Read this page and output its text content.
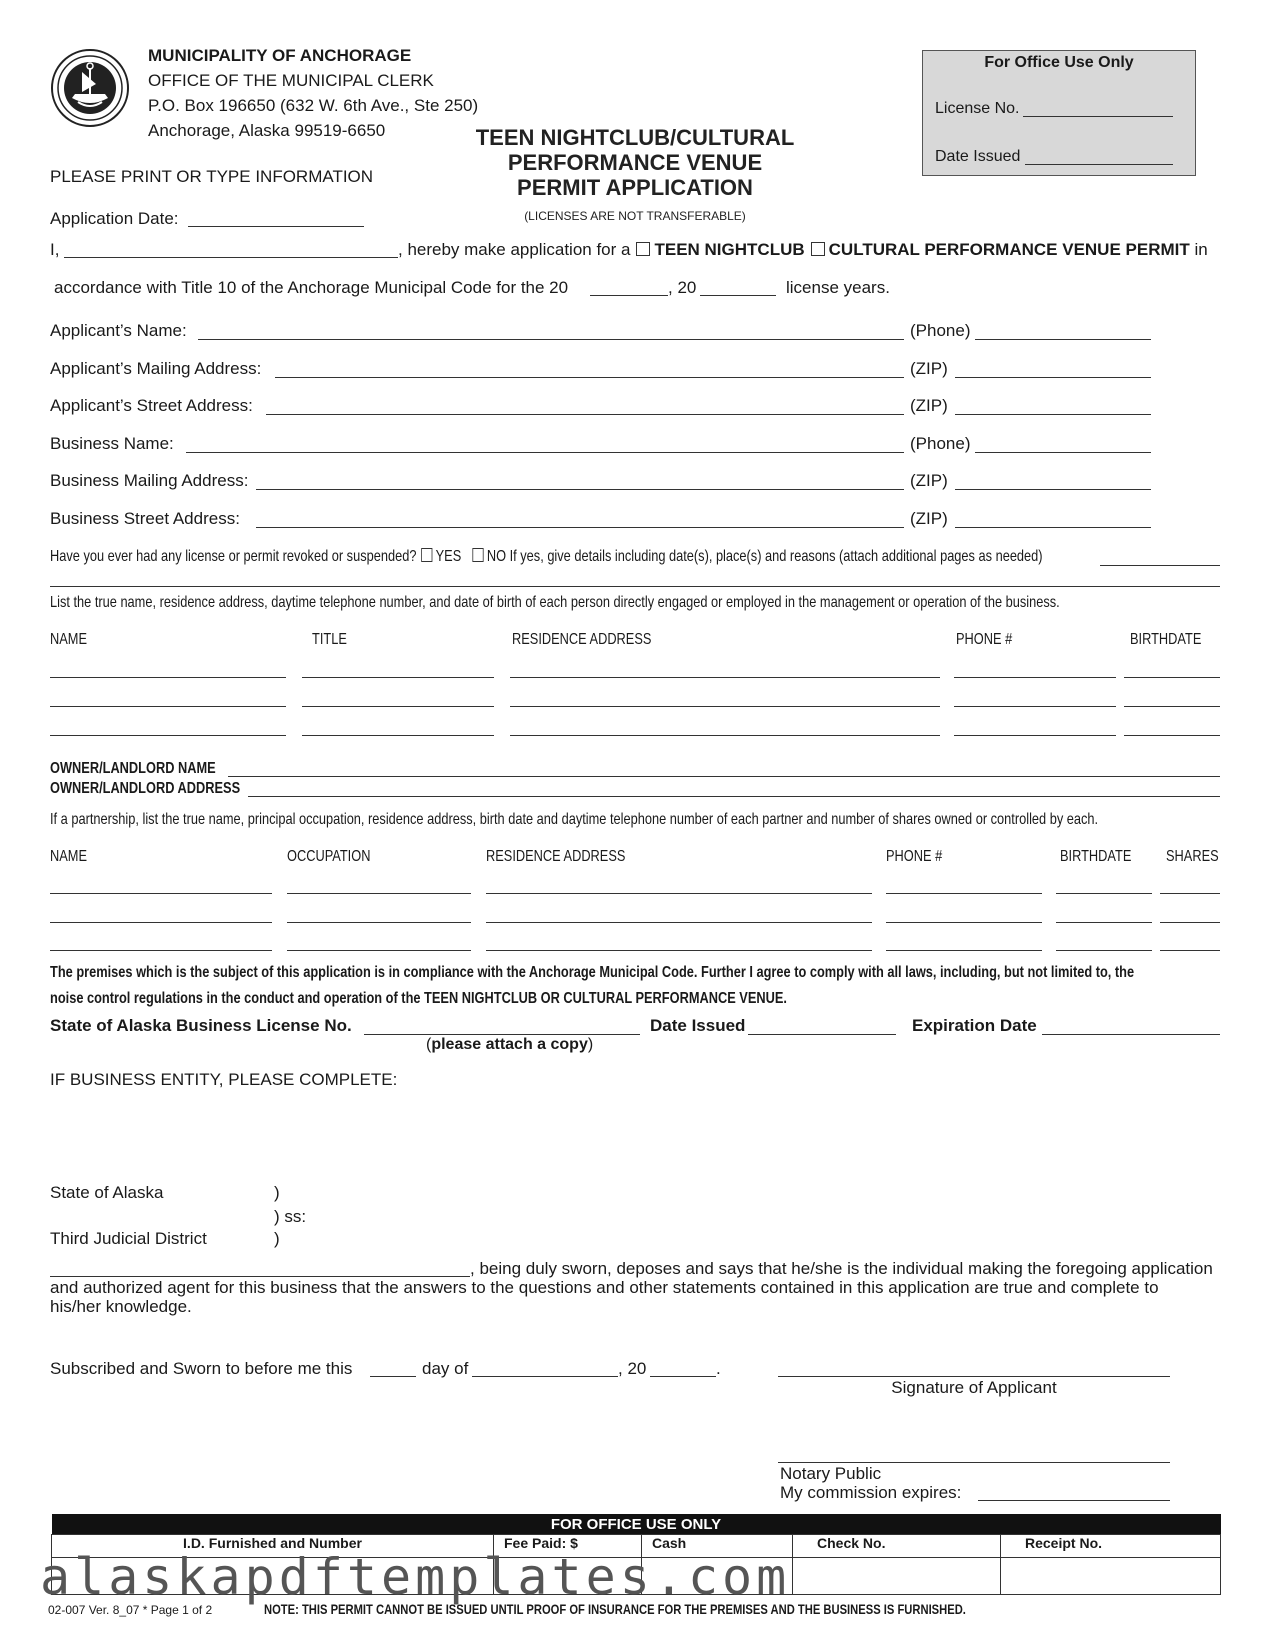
MUNICIPALITY OF ANCHORAGE
OFFICE OF THE MUNICIPAL CLERK
P.O. Box 196650 (632 W. 6th Ave., Ste 250)
Anchorage, Alaska 99519-6650
PLEASE PRINT OR TYPE INFORMATION
TEEN NIGHTCLUB/CULTURAL
PERFORMANCE VENUE
PERMIT APPLICATION
(LICENSES ARE NOT TRANSFERABLE)
For Office Use Only
License No.
Date Issued
Application Date:
I,	, hereby make application for a TEEN NIGHTCLUB CULTURAL PERFORMANCE VENUE PERMIT in
accordance with Title 10 of the Anchorage Municipal Code for the 20	, 20	license years.
Applicant’s Name:	(Phone)
Applicant’s Mailing Address:	(ZIP)
Applicant’s Street Address:	(ZIP)
Business Name:	(Phone)
Business Mailing Address:	(ZIP)
Business Street Address:	(ZIP)
Have you ever had any license or permit revoked or suspended? YES NO If yes, give details including date(s), place(s) and reasons (attach additional pages as needed)
List the true name, residence address, daytime telephone number, and date of birth of each person directly engaged or employed in the management or operation of the business.
NAME	TITLE	RESIDENCE ADDRESS	PHONE #	BIRTHDATE
OWNER/LANDLORD NAME
OWNER/LANDLORD ADDRESS
If a partnership, list the true name, principal occupation, residence address, birth date and daytime telephone number of each partner and number of shares owned or controlled by each.
NAME	OCCUPATION	RESIDENCE ADDRESS	PHONE #	BIRTHDATE	SHARES
The premises which is the subject of this application is in compliance with the Anchorage Municipal Code. Further I agree to comply with all laws, including, but not limited to, the
noise control regulations in the conduct and operation of the TEEN NIGHTCLUB OR CULTURAL PERFORMANCE VENUE.
State of Alaska Business License No.	Date Issued	Expiration Date
(please attach a copy)
IF BUSINESS ENTITY, PLEASE COMPLETE:
State of Alaska	)
) ss:
Third Judicial District	)
, being duly sworn, deposes and says that he/she is the individual making the foregoing application
and authorized agent for this business that the answers to the questions and other statements contained in this application are true and complete to
his/her knowledge.
Subscribed and Sworn to before me this	day of	, 20	.
Signature of Applicant
Notary Public
My commission expires:
FOR OFFICE USE ONLY				
I.D. Furnished and Number	Fee Paid: $	Cash	Check No.	Receipt No.

02-007 Ver. 8_07 * Page 1 of 2	NOTE: THIS PERMIT CANNOT BE ISSUED UNTIL PROOF OF INSURANCE FOR THE PREMISES AND THE BUSINESS IS FURNISHED.
alaskapdftemplates.com
